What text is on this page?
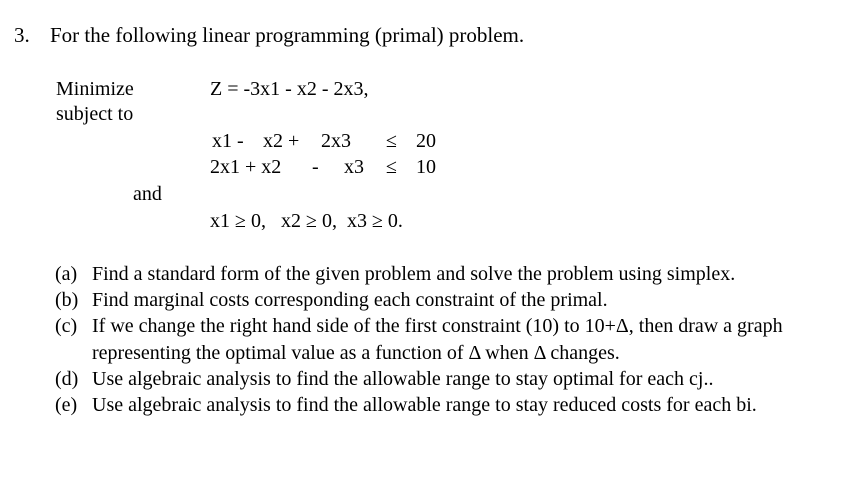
3. For the following linear programming (primal) problem.
Minimize	Z = -3x1 - x2 - 2x3,
subject to
x1 - x2 + 2x3 ≤ 20
2x1 + x2 - x3 ≤ 10
and
x1 ≥ 0,   x2 ≥ 0,  x3 ≥ 0.
(a) Find a standard form of the given problem and solve the problem using simplex.
(b) Find marginal costs corresponding each constraint of the primal.
(c) If we change the right hand side of the first constraint (10) to 10+Δ, then draw a graph representing the optimal value as a function of Δ when Δ changes.
(d) Use algebraic analysis to find the allowable range to stay optimal for each cj..
(e) Use algebraic analysis to find the allowable range to stay reduced costs for each bi.
